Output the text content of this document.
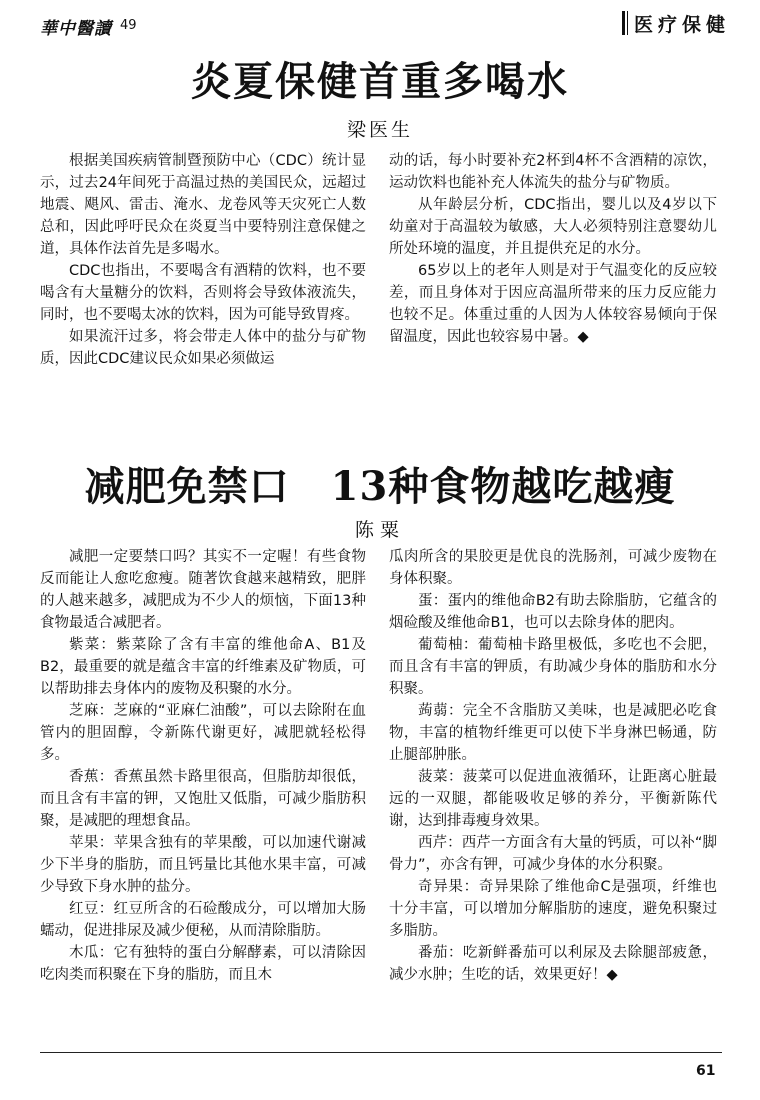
華中醫讀 49	医疗保健
炎夏保健首重多喝水
梁医生

根据美国疾病管制暨预防中心（CDC）统计显示，过去24年间死于高温过热的美国民众，远超过地震、飓风、雷击、淹水、龙卷风等天灾死亡人数总和，因此呼吁民众在炎夏当中要特别注意保健之道，具体作法首先是多喝水。

CDC也指出，不要喝含有酒精的饮料，也不要喝含有大量糖分的饮料，否则将会导致体液流失，同时，也不要喝太冰的饮料，因为可能导致胃疼。

如果流汗过多，将会带走人体中的盐分与矿物质，因此CDC建议民众如果必须做运

动的话，每小时要补充2杯到4杯不含酒精的凉饮，运动饮料也能补充人体流失的盐分与矿物质。

从年龄层分析，CDC指出，婴儿以及4岁以下幼童对于高温较为敏感，大人必须特别注意婴幼儿所处环境的温度，并且提供充足的水分。

65岁以上的老年人则是对于气温变化的反应较差，而且身体对于因应高温所带来的压力反应能力也较不足。体重过重的人因为人体较容易倾向于保留温度，因此也较容易中暑。◆

减肥免禁口　13种食物越吃越瘦
陈粟

减肥一定要禁口吗？其实不一定喔！有些食物反而能让人愈吃愈瘦。随著饮食越来越精致，肥胖的人越来越多，减肥成为不少人的烦恼，下面13种食物最适合减肥者。

紫菜：紫菜除了含有丰富的维他命A、B1及B2，最重要的就是蕴含丰富的纤维素及矿物质，可以帮助排去身体内的废物及积聚的水分。

芝麻：芝麻的“亚麻仁油酸”，可以去除附在血管内的胆固醇，令新陈代谢更好，减肥就轻松得多。

香蕉：香蕉虽然卡路里很高，但脂肪却很低，而且含有丰富的钾，又饱肚又低脂，可减少脂肪积聚，是减肥的理想食品。

苹果：苹果含独有的苹果酸，可以加速代谢减少下半身的脂肪，而且钙量比其他水果丰富，可减少导致下身水肿的盐分。

红豆：红豆所含的石硷酸成分，可以增加大肠蠕动，促进排尿及减少便秘，从而清除脂肪。

木瓜：它有独特的蛋白分解酵素，可以清除因吃肉类而积聚在下身的脂肪，而且木

瓜肉所含的果胶更是优良的洗肠剂，可减少废物在身体积聚。

蛋：蛋内的维他命B2有助去除脂肪，它蕴含的烟硷酸及维他命B1，也可以去除身体的肥肉。

葡萄柚：葡萄柚卡路里极低，多吃也不会肥，而且含有丰富的钾质，有助减少身体的脂肪和水分积聚。

蒟蒻：完全不含脂肪又美味，也是减肥必吃食物，丰富的植物纤维更可以使下半身淋巴畅通，防止腿部肿胀。

菠菜：菠菜可以促进血液循环，让距离心脏最远的一双腿，都能吸收足够的养分，平衡新陈代谢，达到排毒瘦身效果。

西芹：西芹一方面含有大量的钙质，可以补“脚骨力”，亦含有钾，可减少身体的水分积聚。

奇异果：奇异果除了维他命C是强项，纤维也十分丰富，可以增加分解脂肪的速度，避免积聚过多脂肪。

番茄：吃新鲜番茄可以利尿及去除腿部疲惫，减少水肿；生吃的话，效果更好！◆

61
